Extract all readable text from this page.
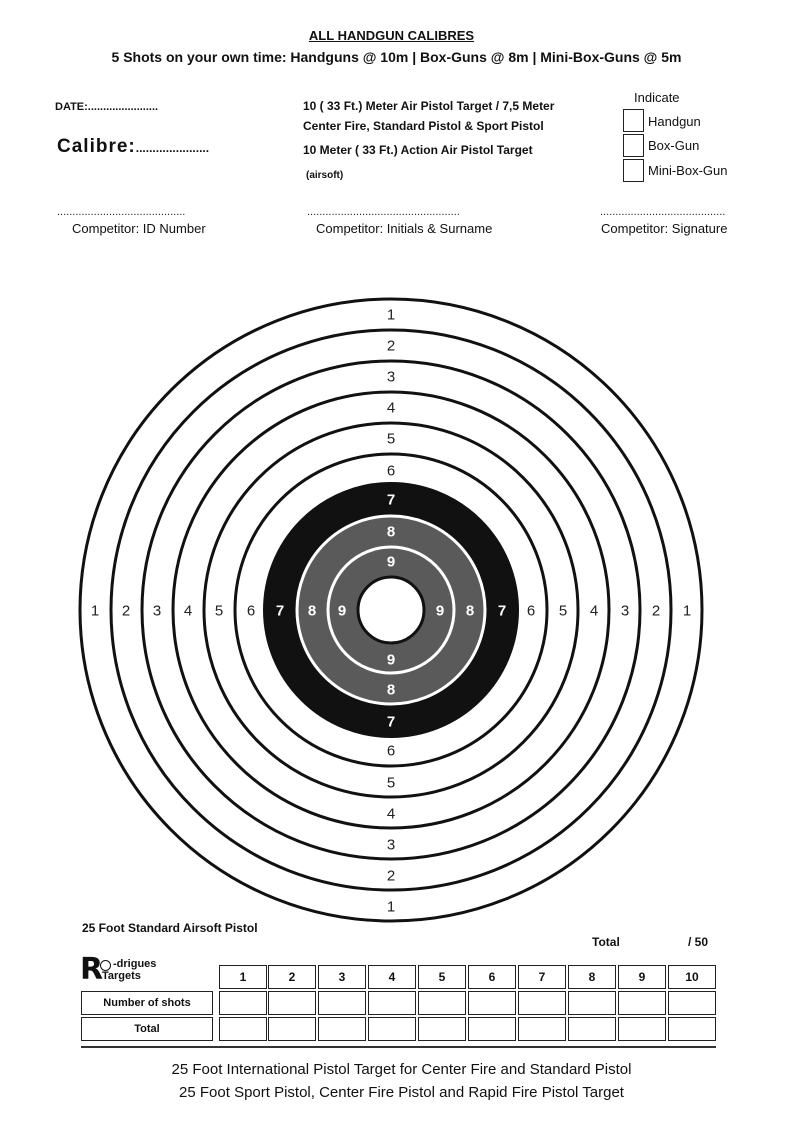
ALL HANDGUN CALIBRES
5 Shots on your own time: Handguns @ 10m | Box-Guns @ 8m | Mini-Box-Guns @ 5m
DATE:.......................
Calibre:......................
10 ( 33 Ft.) Meter Air Pistol Target / 7,5 Meter
Center Fire, Standard Pistol & Sport Pistol
10 Meter ( 33 Ft.) Action Air Pistol Target
(airsoft)
Indicate
Handgun
Box-Gun
Mini-Box-Gun
..........................................
Competitor: ID Number
..................................................
Competitor: Initials & Surname
.........................................
Competitor: Signature
1
1
1	1
2
2
2	2
3
3
3	3
4
4
4	4
5
5
5	5
6
6
6	6
7
7
7	7
8
8
8	8
9
9
9	9
25 Foot Standard Airsoft Pistol
Total	/ 50
R -drigues
Targets	1	2	3	4	5	6	7	8	9	10
Number of shots
Total
25 Foot International Pistol Target for Center Fire and Standard Pistol
25 Foot Sport Pistol, Center Fire Pistol and Rapid Fire Pistol Target
